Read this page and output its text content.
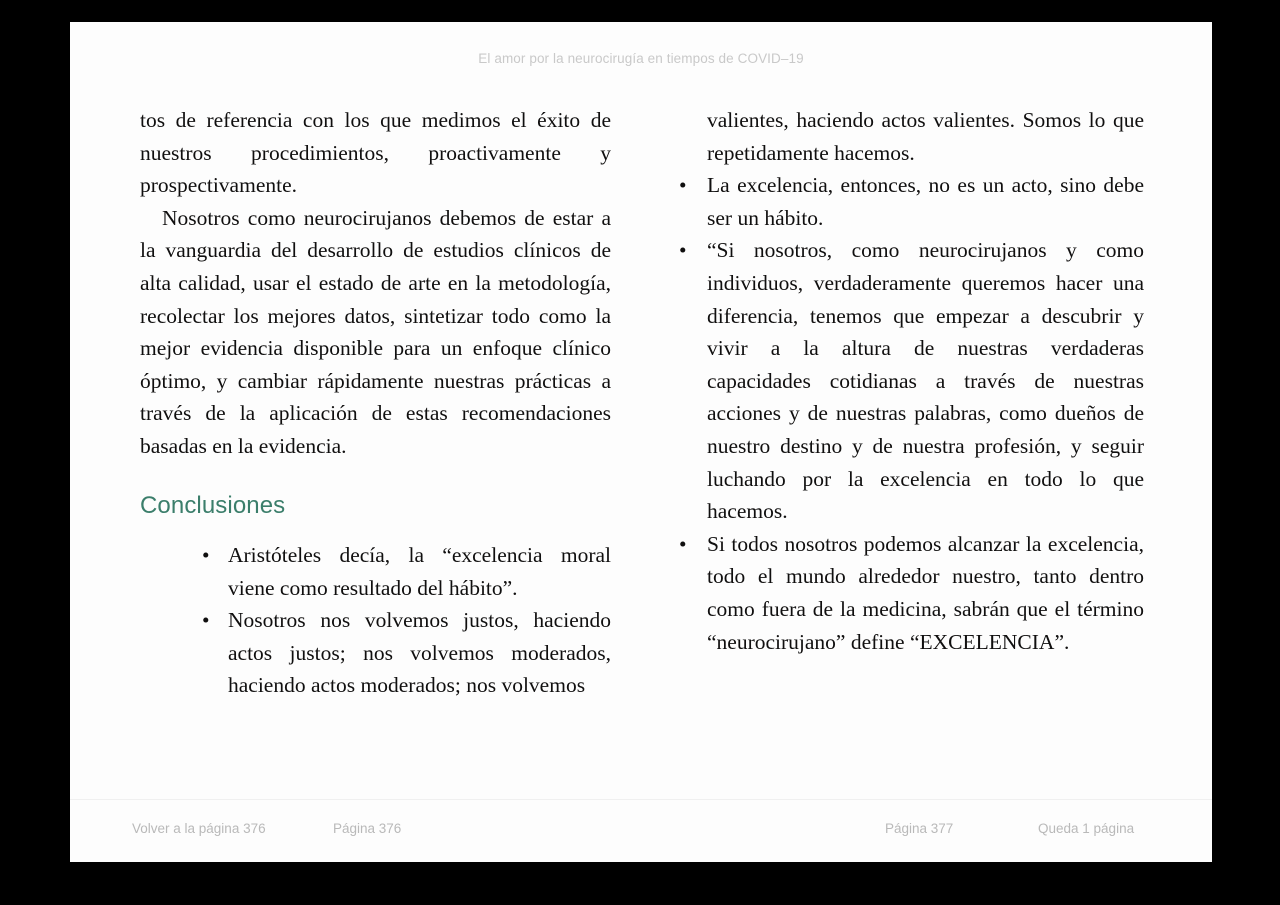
El amor por la neurocirugía en tiempos de COVID–19

tos de referencia con los que medimos el éxito de nuestros procedimientos, proactivamente y prospectivamente.

Nosotros como neurocirujanos debemos de estar a la vanguardia del desarrollo de estudios clínicos de alta calidad, usar el estado de arte en la metodología, recolectar los mejores datos, sintetizar todo como la mejor evidencia disponible para un enfoque clínico óptimo, y cambiar rápidamente nuestras prácticas a través de la aplicación de estas recomendaciones basadas en la evidencia.

Conclusiones
• Aristóteles decía, la “excelencia moral viene como resultado del hábito”.
• Nosotros nos volvemos justos, haciendo actos justos; nos volvemos moderados, haciendo actos moderados; nos volvemos
valientes, haciendo actos valientes. Somos lo que repetidamente hacemos.
• La excelencia, entonces, no es un acto, sino debe ser un hábito.
• “Si nosotros, como neurocirujanos y como individuos, verdaderamente queremos hacer una diferencia, tenemos que empezar a descubrir y vivir a la altura de nuestras verdaderas capacidades cotidianas a través de nuestras acciones y de nuestras palabras, como dueños de nuestro destino y de nuestra profesión, y seguir luchando por la excelencia en todo lo que hacemos.
• Si todos nosotros podemos alcanzar la excelencia, todo el mundo alrededor nuestro, tanto dentro como fuera de la medicina, sabrán que el término “neurocirujano” define “EXCELENCIA”.
Volver a la página 376	Página 376	Página 377	Queda 1 página
